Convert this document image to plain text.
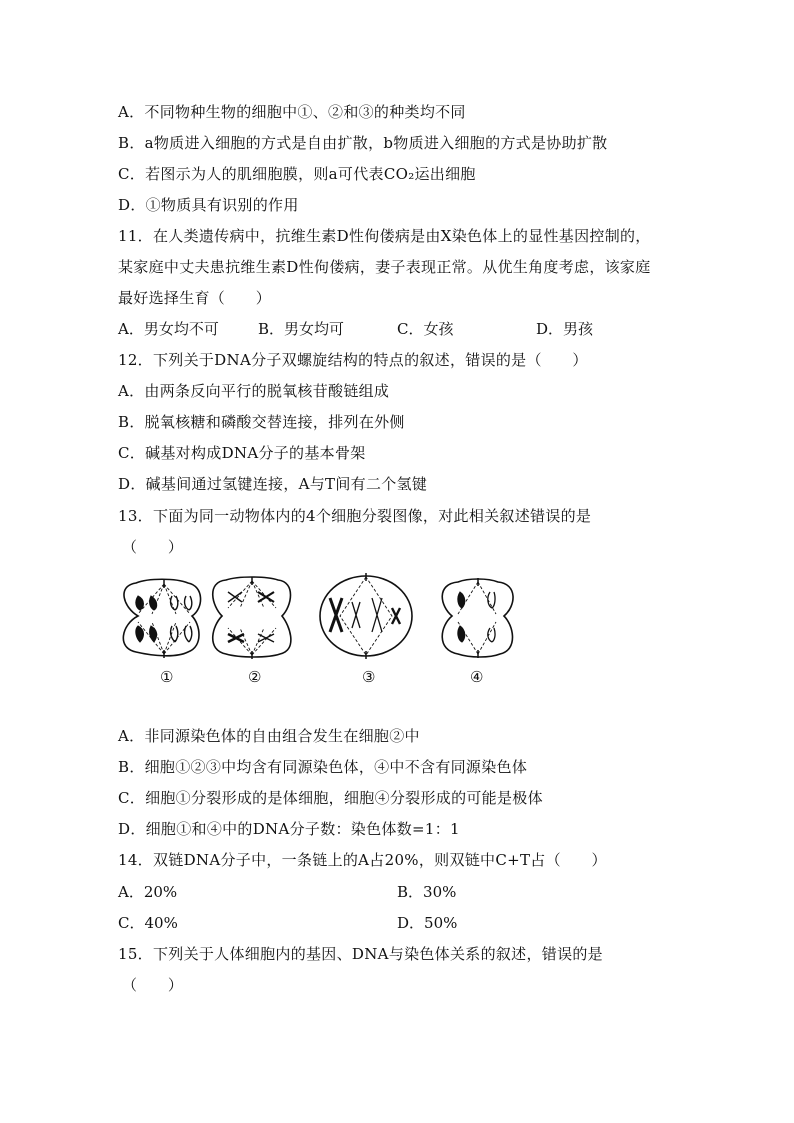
A．不同物种生物的细胞中①、②和③的种类均不同
B．a物质进入细胞的方式是自由扩散，b物质进入细胞的方式是协助扩散
C．若图示为人的肌细胞膜，则a可代表CO₂运出细胞
D．①物质具有识别的作用
11．在人类遗传病中，抗维生素D性佝偻病是由X染色体上的显性基因控制的，
某家庭中丈夫患抗维生素D性佝偻病，妻子表现正常。从优生角度考虑，该家庭
最好选择生育（　　）
A．男女均不可	B．男女均可	C．女孩	D．男孩
12．下列关于DNA分子双螺旋结构的特点的叙述，错误的是（　　）
A．由两条反向平行的脱氧核苷酸链组成
B．脱氧核糖和磷酸交替连接，排列在外侧
C．碱基对构成DNA分子的基本骨架
D．碱基间通过氢键连接，A与T间有二个氢键
13．下面为同一动物体内的4个细胞分裂图像，对此相关叙述错误的是
（　　）
①	②	③	④
A．非同源染色体的自由组合发生在细胞②中
B．细胞①②③中均含有同源染色体，④中不含有同源染色体
C．细胞①分裂形成的是体细胞，细胞④分裂形成的可能是极体
D．细胞①和④中的DNA分子数：染色体数=1：1
14．双链DNA分子中，一条链上的A占20%，则双链中C+T占（　　）
A．20%	B．30%
C．40%	D．50%
15．下列关于人体细胞内的基因、DNA与染色体关系的叙述，错误的是
（　　）
